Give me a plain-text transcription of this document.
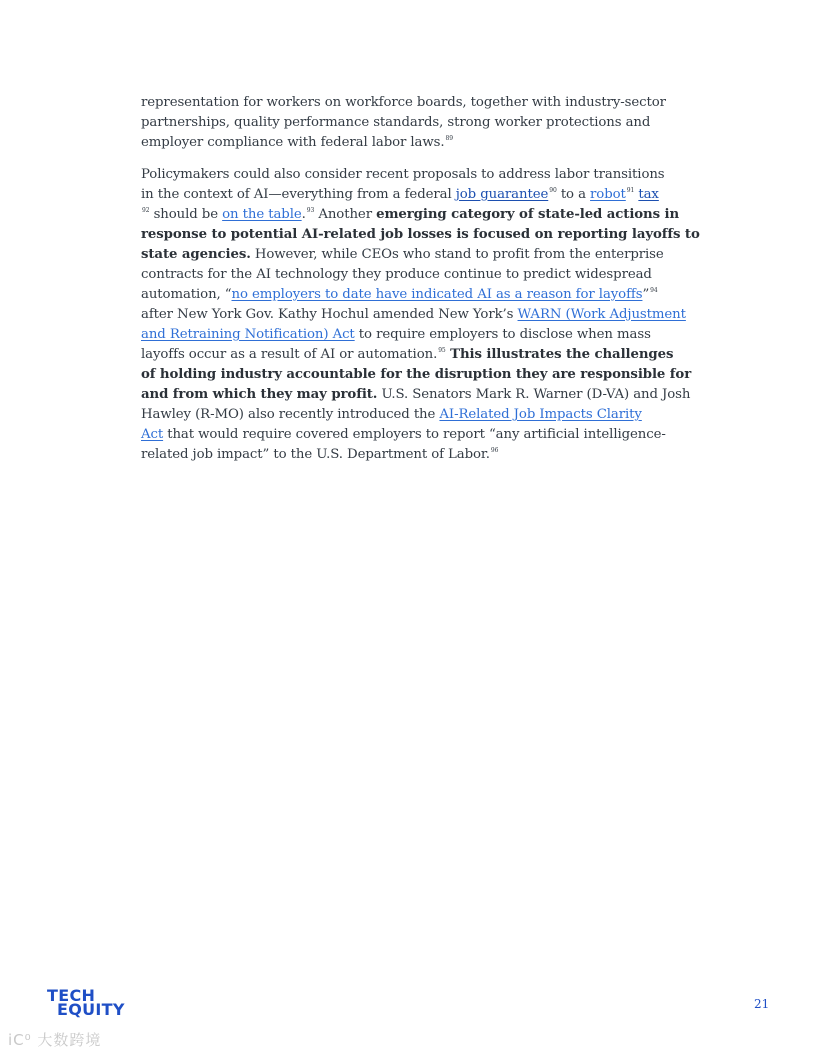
representation for workers on workforce boards, together with industry-sector
partnerships, quality performance standards, strong worker protections and
employer compliance with federal labor laws.$^{89}$

Policymakers could also consider recent proposals to address labor transitions
in the context of AI—everything from a federal job guarantee$^{90}$ to a robot$^{91}$ tax
$^{92}$ should be on the table.$^{93}$ Another emerging category of state-led actions in
response to potential AI-related job losses is focused on reporting layoffs to
state agencies. However, while CEOs who stand to profit from the enterprise
contracts for the AI technology they produce continue to predict widespread
automation, “no employers to date have indicated AI as a reason for layoffs”$^{94}$
after New York Gov. Kathy Hochul amended New York’s WARN (Work Adjustment
and Retraining Notification) Act to require employers to disclose when mass
layoffs occur as a result of AI or automation.$^{95}$ This illustrates the challenges
of holding industry accountable for the disruption they are responsible for
and from which they may profit. U.S. Senators Mark R. Warner (D-VA) and Josh
Hawley (R-MO) also recently introduced the AI-Related Job Impacts Clarity
Act that would require covered employers to report “any artificial intelligence-
related job impact” to the U.S. Department of Labor.$^{96}$

TECH
EQUITY	21
iC⁰ 大数跨境
